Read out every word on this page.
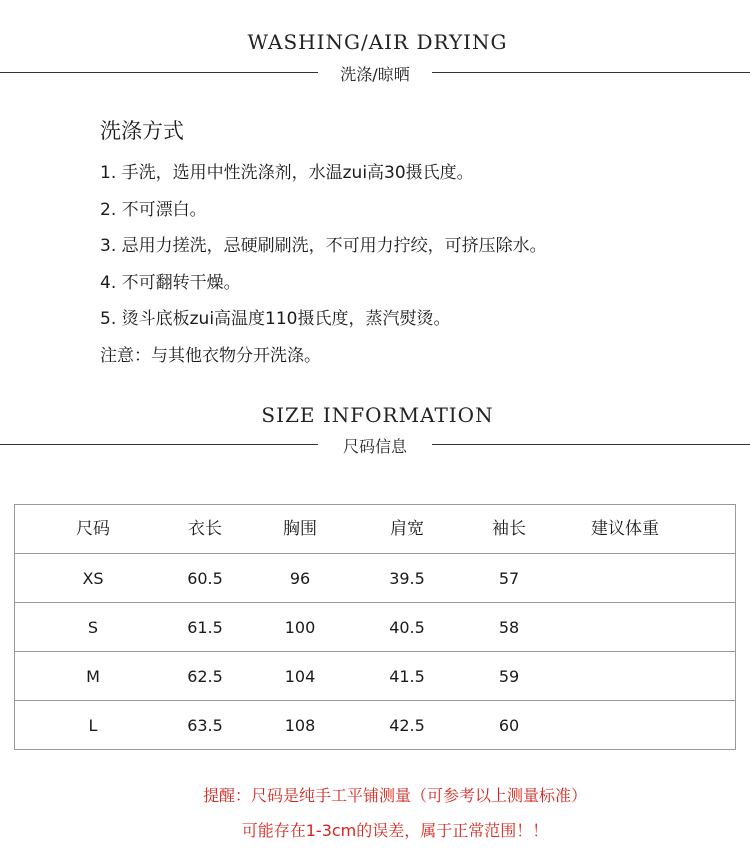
WASHING/AIR DRYING
洗涤/晾晒
洗涤方式
1. 手洗，选用中性洗涤剂，水温zui高30摄氏度。
2. 不可漂白。
3. 忌用力搓洗，忌硬刷刷洗，不可用力拧绞，可挤压除水。
4. 不可翻转干燥。
5. 烫斗底板zui高温度110摄氏度，蒸汽熨烫。
注意：与其他衣物分开洗涤。
SIZE INFORMATION
尺码信息
尺码	衣长	胸围	肩宽	袖长	建议体重
XS	60.5	96	39.5	57
S	61.5	100	40.5	58
M	62.5	104	41.5	59
L	63.5	108	42.5	60
提醒：尺码是纯手工平铺测量（可参考以上测量标准）
可能存在1-3cm的误差，属于正常范围！！
